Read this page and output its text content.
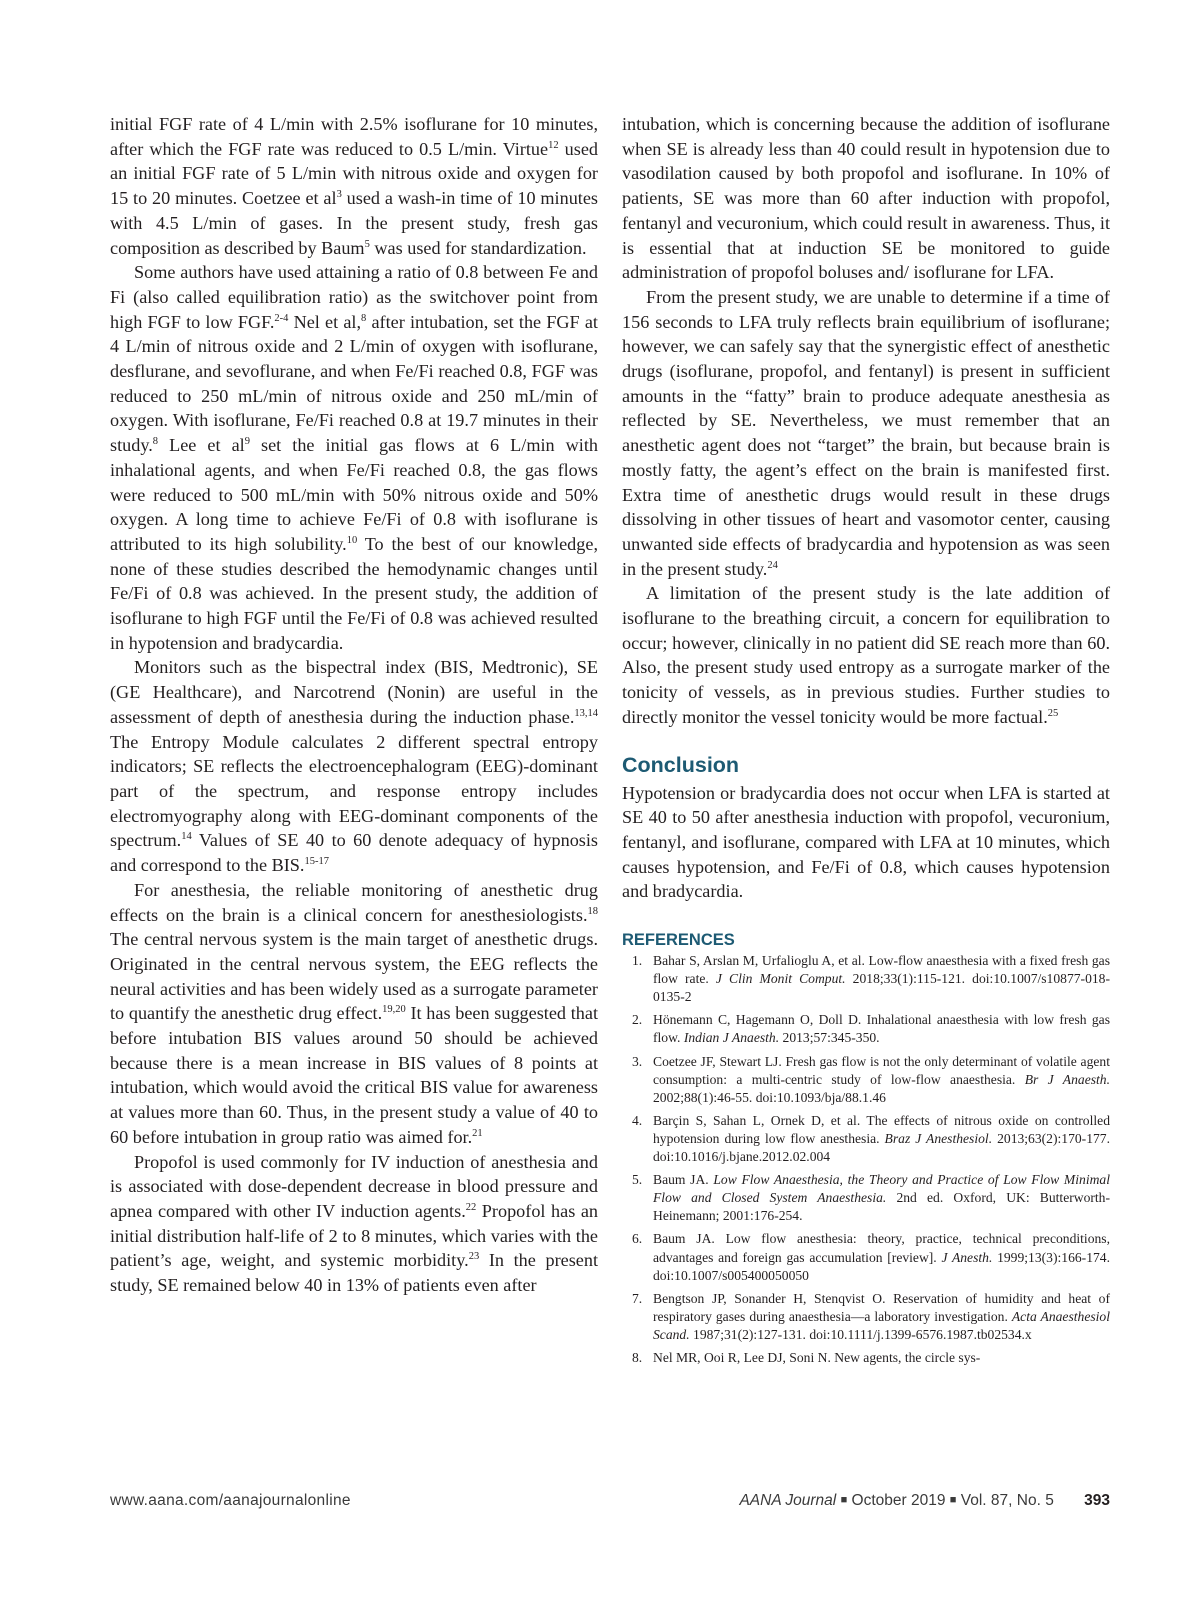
initial FGF rate of 4 L/min with 2.5% isoflurane for 10 minutes, after which the FGF rate was reduced to 0.5 L/min. Virtue$^{12}$ used an initial FGF rate of 5 L/min with nitrous oxide and oxygen for 15 to 20 minutes. Coetzee et $al^3$ used a wash-in time of 10 minutes with 4.5 L/min of gases. In the present study, fresh gas composition as described by Baum$^5$ was used for standardization.

Some authors have used attaining a ratio of 0.8 between Fe and Fi (also called equilibration ratio) as the switchover point from high FGF to low FGF.$^{2-4}$ Nel et al,$^8$ after intubation, set the FGF at 4 L/min of nitrous oxide and 2 L/min of oxygen with isoflurane, desflurane, and sevoflurane, and when Fe/Fi reached 0.8, FGF was reduced to 250 mL/min of nitrous oxide and 250 mL/min of oxygen. With isoflurane, Fe/Fi reached 0.8 at 19.7 minutes in their study.$^8$ Lee et $al^9$ set the initial gas flows at 6 L/min with inhalational agents, and when Fe/Fi reached 0.8, the gas flows were reduced to 500 mL/min with 50% nitrous oxide and 50% oxygen. A long time to achieve Fe/Fi of 0.8 with isoflurane is attributed to its high solubility.$^{10}$ To the best of our knowledge, none of these studies described the hemodynamic changes until Fe/Fi of 0.8 was achieved. In the present study, the addition of isoflurane to high FGF until the Fe/Fi of 0.8 was achieved resulted in hypotension and bradycardia.

Monitors such as the bispectral index (BIS, Medtronic), SE (GE Healthcare), and Narcotrend (Nonin) are useful in the assessment of depth of anesthesia during the induction phase.$^{13,14}$ The Entropy Module calculates 2 different spectral entropy indicators; SE reflects the electroencephalogram (EEG)-dominant part of the spectrum, and response entropy includes electromyography along with EEG-dominant components of the spectrum.$^{14}$ Values of SE 40 to 60 denote adequacy of hypnosis and correspond to the BIS.$^{15-17}$

For anesthesia, the reliable monitoring of anesthetic drug effects on the brain is a clinical concern for anesthesiologists.$^{18}$ The central nervous system is the main target of anesthetic drugs. Originated in the central nervous system, the EEG reflects the neural activities and has been widely used as a surrogate parameter to quantify the anesthetic drug effect.$^{19,20}$ It has been suggested that before intubation BIS values around 50 should be achieved because there is a mean increase in BIS values of 8 points at intubation, which would avoid the critical BIS value for awareness at values more than 60. Thus, in the present study a value of 40 to 60 before intubation in group ratio was aimed for.$^{21}$

Propofol is used commonly for IV induction of anesthesia and is associated with dose-dependent decrease in blood pressure and apnea compared with other IV induction agents.$^{22}$ Propofol has an initial distribution half-life of 2 to 8 minutes, which varies with the patient’s age, weight, and systemic morbidity.$^{23}$ In the present study, SE remained below 40 in 13% of patients even after

intubation, which is concerning because the addition of isoflurane when SE is already less than 40 could result in hypotension due to vasodilation caused by both propofol and isoflurane. In 10% of patients, SE was more than 60 after induction with propofol, fentanyl and vecuronium, which could result in awareness. Thus, it is essential that at induction SE be monitored to guide administration of propofol boluses and/ isoflurane for LFA.

From the present study, we are unable to determine if a time of 156 seconds to LFA truly reflects brain equilibrium of isoflurane; however, we can safely say that the synergistic effect of anesthetic drugs (isoflurane, propofol, and fentanyl) is present in sufficient amounts in the “fatty” brain to produce adequate anesthesia as reflected by SE. Nevertheless, we must remember that an anesthetic agent does not “target” the brain, but because brain is mostly fatty, the agent’s effect on the brain is manifested first. Extra time of anesthetic drugs would result in these drugs dissolving in other tissues of heart and vasomotor center, causing unwanted side effects of bradycardia and hypotension as was seen in the present study.$^{24}$

A limitation of the present study is the late addition of isoflurane to the breathing circuit, a concern for equilibration to occur; however, clinically in no patient did SE reach more than 60. Also, the present study used entropy as a surrogate marker of the tonicity of vessels, as in previous studies. Further studies to directly monitor the vessel tonicity would be more factual.$^{25}$

Conclusion

Hypotension or bradycardia does not occur when LFA is started at SE 40 to 50 after anesthesia induction with propofol, vecuronium, fentanyl, and isoflurane, compared with LFA at 10 minutes, which causes hypotension, and Fe/Fi of 0.8, which causes hypotension and bradycardia.

REFERENCES
1. Bahar S, Arslan M, Urfalioglu A, et al. Low-flow anaesthesia with a fixed fresh gas flow rate. J Clin Monit Comput. 2018;33(1):115-121. doi:10.1007/s10877-018-0135-2
2. Hönemann C, Hagemann O, Doll D. Inhalational anaesthesia with low fresh gas flow. Indian J Anaesth. 2013;57:345-350.
3. Coetzee JF, Stewart LJ. Fresh gas flow is not the only determinant of volatile agent consumption: a multi-centric study of low-flow anaesthesia. Br J Anaesth. 2002;88(1):46-55. doi:10.1093/bja/88.1.46
4. Barçin S, Sahan L, Ornek D, et al. The effects of nitrous oxide on controlled hypotension during low flow anesthesia. Braz J Anesthesiol. 2013;63(2):170-177. doi:10.1016/j.bjane.2012.02.004
5. Baum JA. Low Flow Anaesthesia, the Theory and Practice of Low Flow Minimal Flow and Closed System Anaesthesia. 2nd ed. Oxford, UK: Butterworth-Heinemann; 2001:176-254.
6. Baum JA. Low flow anesthesia: theory, practice, technical preconditions, advantages and foreign gas accumulation [review]. J Anesth. 1999;13(3):166-174. doi:10.1007/s005400050050
7. Bengtson JP, Sonander H, Stenqvist O. Reservation of humidity and heat of respiratory gases during anaesthesia—a laboratory investigation. Acta Anaesthesiol Scand. 1987;31(2):127-131. doi:10.1111/j.1399-6576.1987.tb02534.x
8. Nel MR, Ooi R, Lee DJ, Soni N. New agents, the circle sys-
www.aana.com/aanajournalonline	AANA Journal ■ October 2019 ■ Vol. 87, No. 5 393
